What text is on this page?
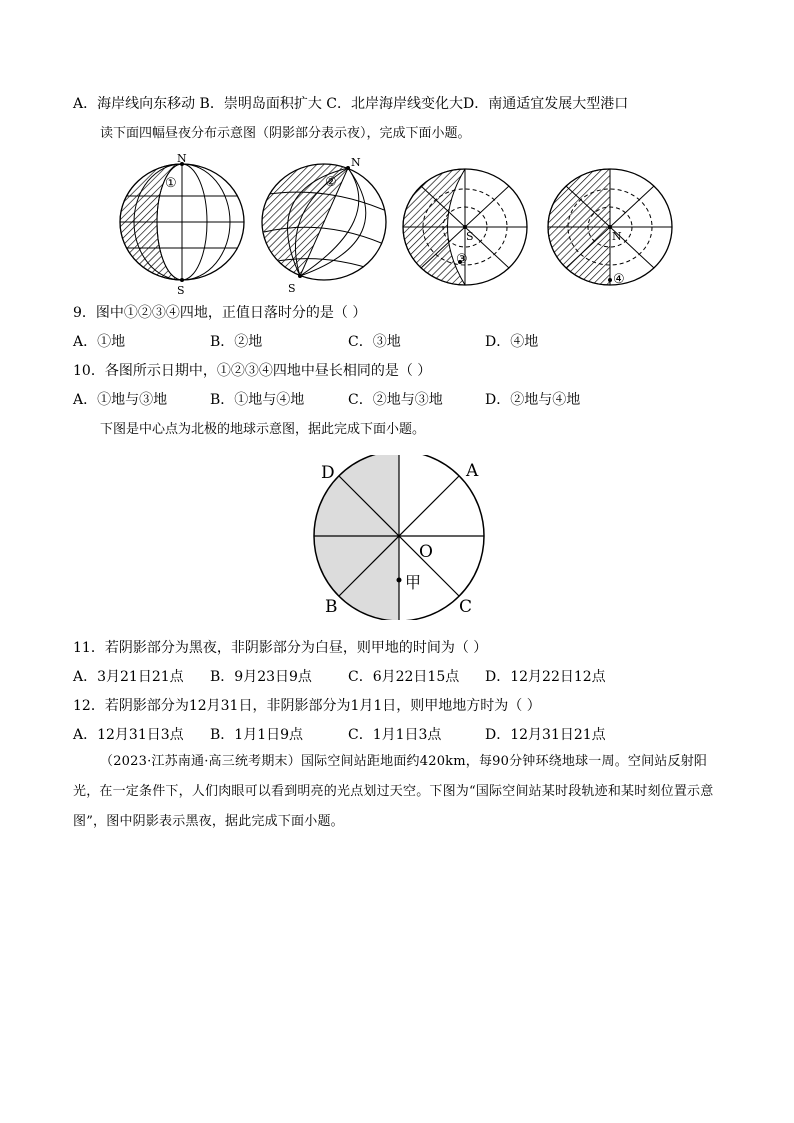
A．海岸线向东移动 B．崇明岛面积扩大 C．北岸海岸线变化大D．南通适宜发展大型港口
读下面四幅昼夜分布示意图（阴影部分表示夜），完成下面小题。
N
S
①
N
S
②
S
③
N
④
9．图中①②③④四地，正值日落时分的是（ ）
A．①地	B．②地	C．③地	D．④地
10．各图所示日期中，①②③④四地中昼长相同的是（ ）
A．①地与③地	B．①地与④地	C．②地与③地	D．②地与④地
下图是中心点为北极的地球示意图，据此完成下面小题。
D	A
B	C
O
甲
11．若阴影部分为黑夜，非阴影部分为白昼，则甲地的时间为（ ）
A．3月21日21点 B．9月23日9点	C．6月22日15点 D．12月22日12点
12．若阴影部分为12月31日，非阴影部分为1月1日，则甲地地方时为（ ）
A．12月31日3点 B．1月1日9点	C．1月1日3点	D．12月31日21点
（2023·江苏南通·高三统考期末）国际空间站距地面约420km，每90分钟环绕地球一周。空间站反射阳光，在一定条件下，人们肉眼可以看到明亮的光点划过天空。下图为“国际空间站某时段轨迹和某时刻位置示意图”，图中阴影表示黑夜，据此完成下面小题。
